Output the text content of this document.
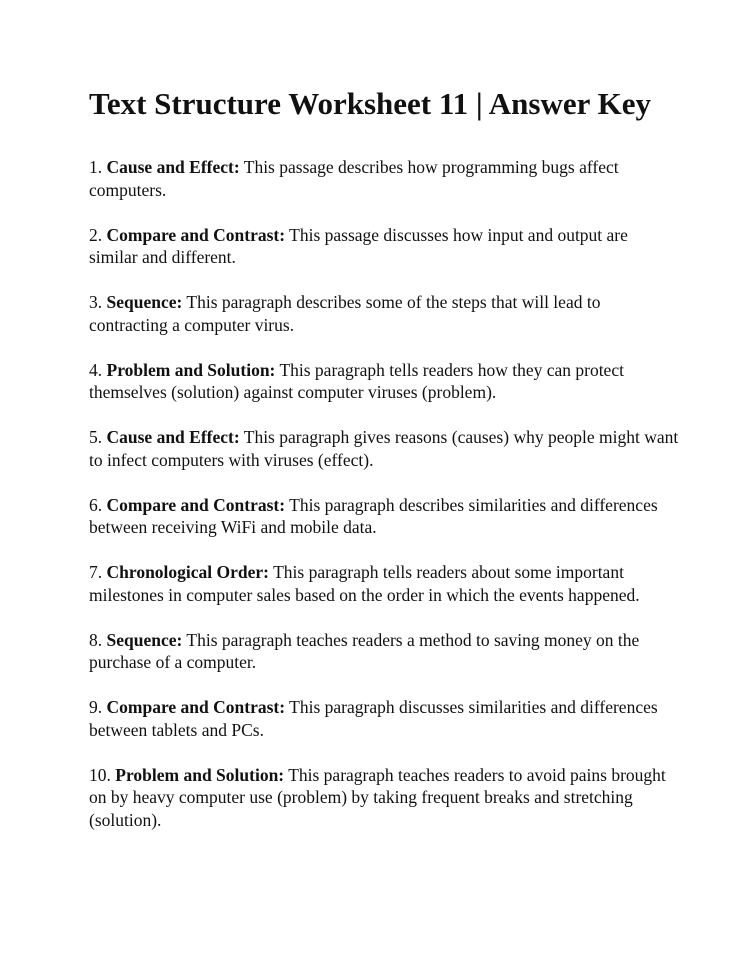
Text Structure Worksheet 11 | Answer Key
1. Cause and Effect: This passage describes how programming bugs affect computers.
2. Compare and Contrast: This passage discusses how input and output are similar and different.
3. Sequence: This paragraph describes some of the steps that will lead to contracting a computer virus.
4. Problem and Solution: This paragraph tells readers how they can protect themselves (solution) against computer viruses (problem).
5. Cause and Effect: This paragraph gives reasons (causes) why people might want to infect computers with viruses (effect).
6. Compare and Contrast: This paragraph describes similarities and differences between receiving WiFi and mobile data.
7. Chronological Order: This paragraph tells readers about some important milestones in computer sales based on the order in which the events happened.
8. Sequence: This paragraph teaches readers a method to saving money on the purchase of a computer.
9. Compare and Contrast: This paragraph discusses similarities and differences between tablets and PCs.
10. Problem and Solution: This paragraph teaches readers to avoid pains brought on by heavy computer use (problem) by taking frequent breaks and stretching (solution).
